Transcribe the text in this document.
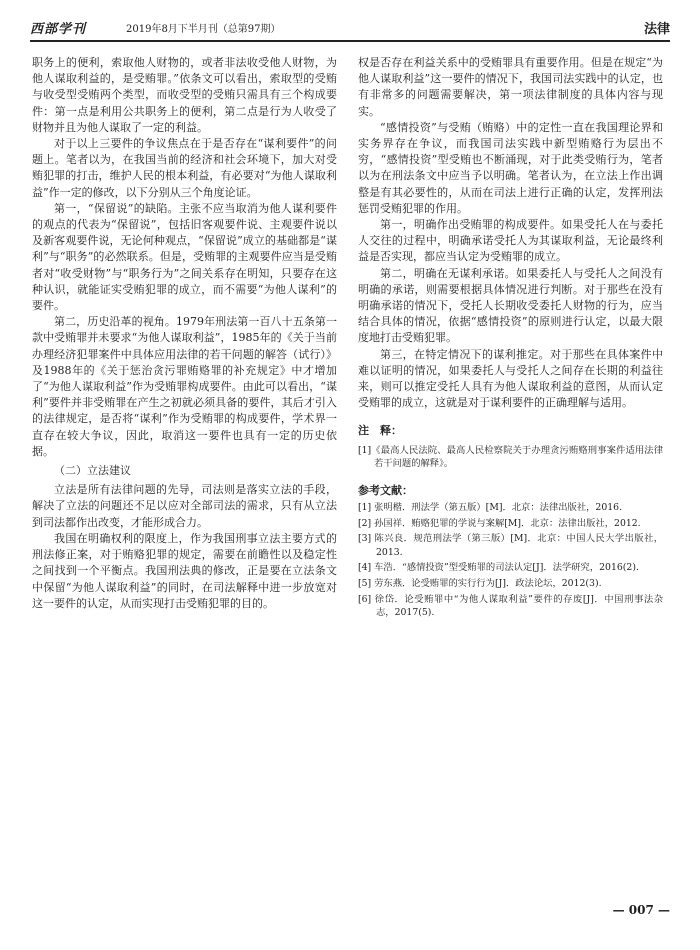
西部学刊	2019年8月下半月刊（总第97期）	法律

职务上的便利，索取他人财物的，或者非法收受他人财物，为他人谋取利益的，是受贿罪。”依条文可以看出，索取型的受贿与收受型受贿两个类型，而收受型的受贿只需具有三个构成要件：第一点是利用公共职务上的便利，第二点是行为人收受了财物并且为他人谋取了一定的利益。

对于以上三要件的争议焦点在于是否存在“谋利要件”的问题上。笔者以为，在我国当前的经济和社会环境下，加大对受贿犯罪的打击，维护人民的根本利益，有必要对“为他人谋取利益”作一定的修改，以下分别从三个角度论证。

第一，“保留说”的缺陷。主张不应当取消为他人谋利要件的观点的代表为“保留说”，包括旧客观要件说、主观要件说以及新客观要件说，无论何种观点，“保留说”成立的基础都是“谋利”与“职务”的必然联系。但是，受贿罪的主观要件应当是受贿者对“收受财物”与“职务行为”之间关系存在明知，只要存在这种认识，就能证实受贿犯罪的成立，而不需要“为他人谋利”的要件。

第二，历史沿革的视角。1979年刑法第一百八十五条第一款中受贿罪并未要求“为他人谋取利益”，1985年的《关于当前办理经济犯罪案件中具体应用法律的若干问题的解答（试行）》及1988年的《关于惩治贪污罪贿赂罪的补充规定》中才增加了“为他人谋取利益”作为受贿罪构成要件。由此可以看出，“谋利”要件并非受贿罪在产生之初就必须具备的要件，其后才引入的法律规定，是否将“谋利”作为受贿罪的构成要件，学术界一直存在较大争议，因此，取消这一要件也具有一定的历史依据。

（二）立法建议

立法是所有法律问题的先导，司法则是落实立法的手段，解决了立法的问题还不足以应对全部司法的需求，只有从立法到司法都作出改变，才能形成合力。

我国在明确权利的限度上，作为我国刑事立法主要方式的刑法修正案，对于贿赂犯罪的规定，需要在前瞻性以及稳定性之间找到一个平衡点。我国刑法典的修改，正是要在立法条文中保留“为他人谋取利益”的同时，在司法解释中进一步放宽对这一要件的认定，从而实现打击受贿犯罪的目的。

权是否存在利益关系中的受贿罪具有重要作用。但是在规定“为他人谋取利益”这一要件的情况下，我国司法实践中的认定，也有非常多的问题需要解决，第一项法律制度的具体内容与现实。

“感情投资”与受贿（贿赂）中的定性一直在我国理论界和实务界存在争议，而我国司法实践中新型贿赂行为层出不穷，“感情投资”型受贿也不断涌现，对于此类受贿行为，笔者以为在刑法条文中应当予以明确。笔者认为，在立法上作出调整是有其必要性的，从而在司法上进行正确的认定，发挥刑法惩罚受贿犯罪的作用。

第一，明确作出受贿罪的构成要件。如果受托人在与委托人交往的过程中，明确承诺受托人为其谋取利益，无论最终利益是否实现，都应当认定为受贿罪的成立。

第二，明确在无谋利承诺。如果委托人与受托人之间没有明确的承诺，则需要根据具体情况进行判断。对于那些在没有明确承诺的情况下，受托人长期收受委托人财物的行为，应当结合具体的情况，依据“感情投资”的原则进行认定，以最大限度地打击受贿犯罪。

第三，在特定情况下的谋利推定。对于那些在具体案件中难以证明的情况，如果委托人与受托人之间存在长期的利益往来，则可以推定受托人具有为他人谋取利益的意图，从而认定受贿罪的成立，这就是对于谋利要件的正确理解与适用。

注　释：

[1]《最高人民法院、最高人民检察院关于办理贪污贿赂刑事案件适用法律若干问题的解释》。

参考文献：

[1] 张明楷．刑法学（第五版）[M]．北京：法律出版社，2016.

[2] 孙国祥．贿赂犯罪的学说与案解[M]．北京：法律出版社，2012.

[3] 陈兴良．规范刑法学（第三版）[M]．北京：中国人民大学出版社，2013.

[4] 车浩．“感情投资”型受贿罪的司法认定[J]．法学研究，2016(2).

[5] 劳东燕．论受贿罪的实行行为[J]．政法论坛，2012(3).

[6] 徐岱．论受贿罪中“为他人谋取利益”要件的存废[J]．中国刑事法杂志，2017(5).

— 007 —
